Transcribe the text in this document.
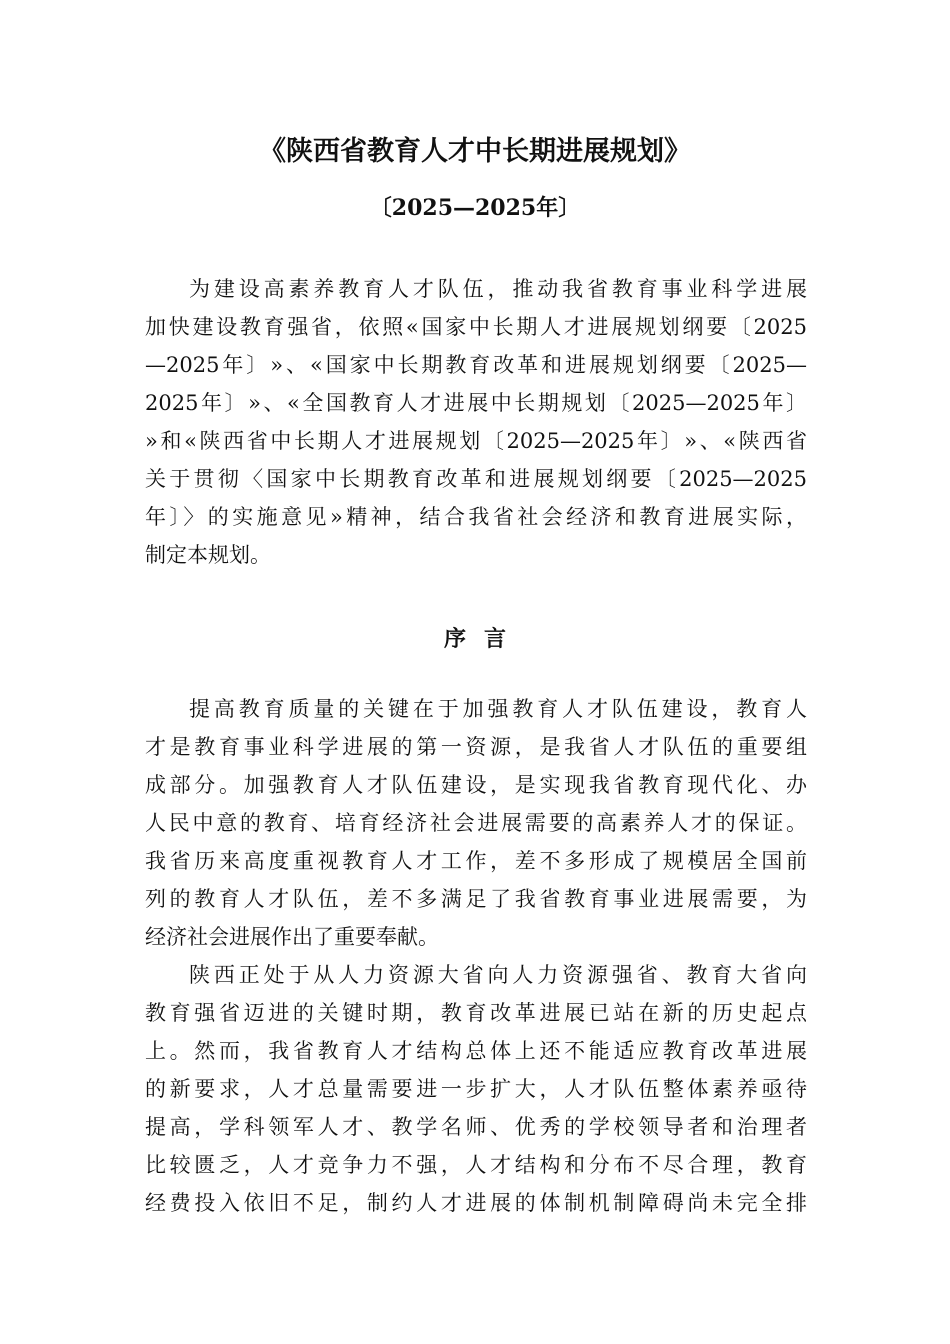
《陕西省教育人才中长期进展规划》
〔2025—2025年〕
为建设高素养教育人才队伍，推动我省教育事业科学进展
加快建设教育强省，依照«国家中长期人才进展规划纲要〔2025
—2025年〕»、«国家中长期教育改革和进展规划纲要〔2025—
2025年〕»、«全国教育人才进展中长期规划〔2025—2025年〕
»和«陕西省中长期人才进展规划〔2025—2025年〕»、«陕西省
关于贯彻〈国家中长期教育改革和进展规划纲要〔2025—2025
年〕〉的实施意见»精神，结合我省社会经济和教育进展实际，
制定本规划。
序言
提高教育质量的关键在于加强教育人才队伍建设，教育人
才是教育事业科学进展的第一资源，是我省人才队伍的重要组
成部分。加强教育人才队伍建设，是实现我省教育现代化、办
人民中意的教育、培育经济社会进展需要的高素养人才的保证。
我省历来高度重视教育人才工作，差不多形成了规模居全国前
列的教育人才队伍，差不多满足了我省教育事业进展需要，为
经济社会进展作出了重要奉献。
陕西正处于从人力资源大省向人力资源强省、教育大省向
教育强省迈进的关键时期，教育改革进展已站在新的历史起点
上。然而，我省教育人才结构总体上还不能适应教育改革进展
的新要求，人才总量需要进一步扩大，人才队伍整体素养亟待
提高，学科领军人才、教学名师、优秀的学校领导者和治理者
比较匮乏，人才竞争力不强，人才结构和分布不尽合理，教育
经费投入依旧不足，制约人才进展的体制机制障碍尚未完全排
